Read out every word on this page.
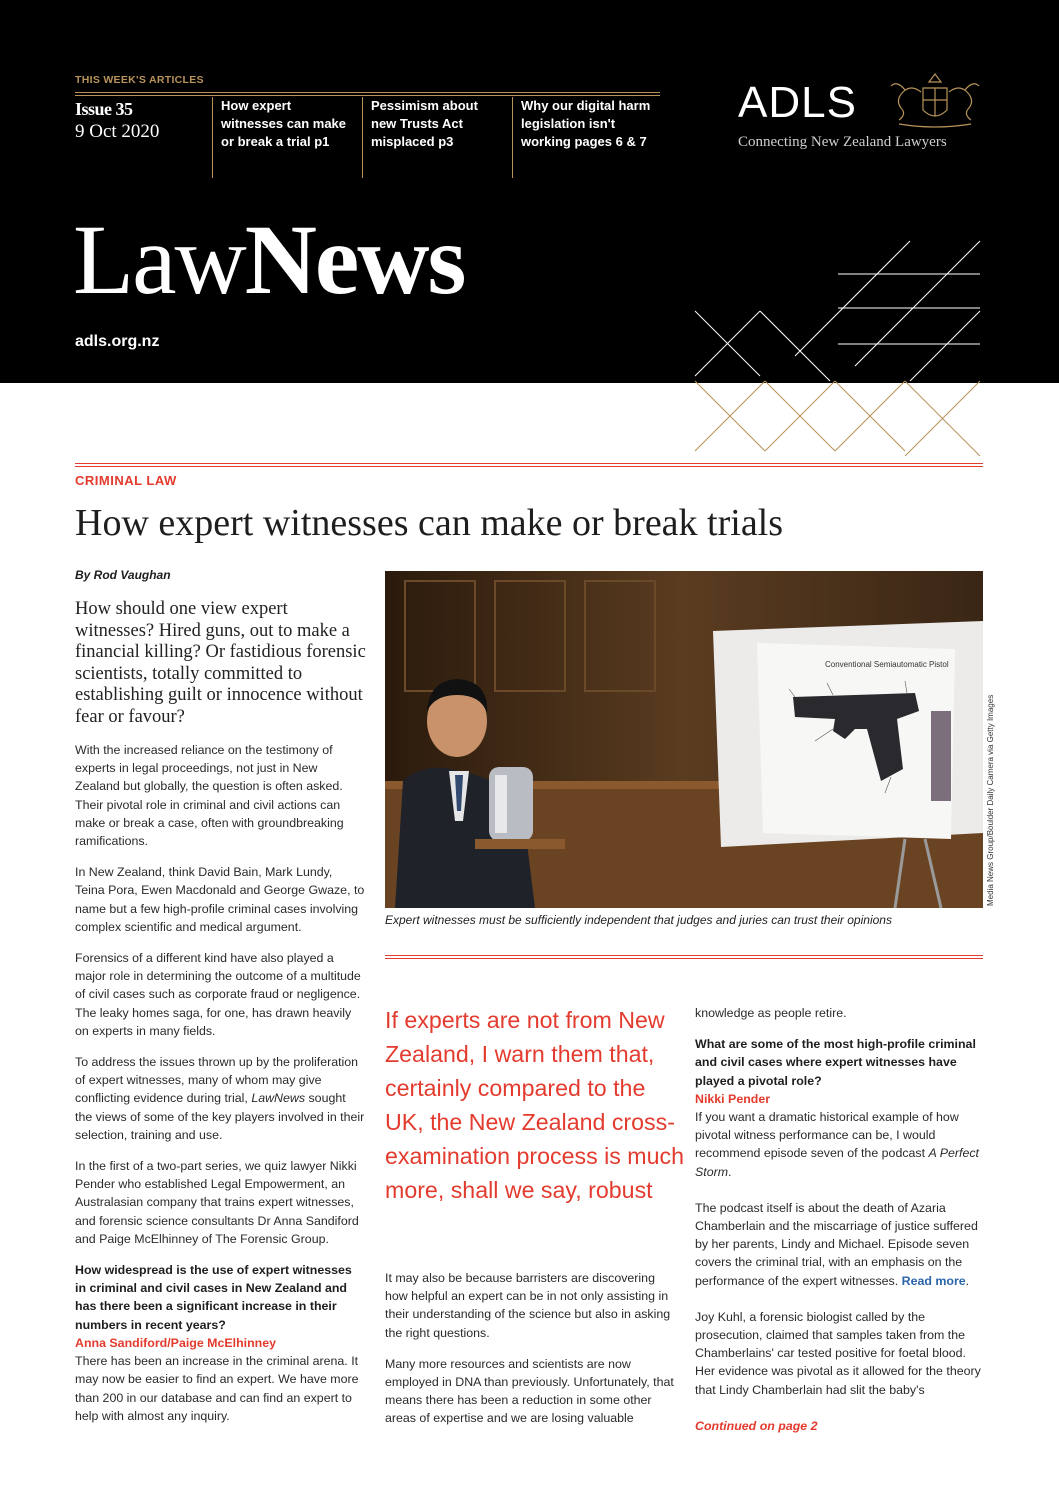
THIS WEEK'S ARTICLES
Issue 35
9 Oct 2020
How expert witnesses can make or break a trial p1
Pessimism about new Trusts Act misplaced p3
Why our digital harm legislation isn't working pages 6 & 7
ADLS
Connecting New Zealand Lawyers
LawNews
adls.org.nz
CRIMINAL LAW
How expert witnesses can make or break trials
By Rod Vaughan
How should one view expert witnesses? Hired guns, out to make a financial killing? Or fastidious forensic scientists, totally committed to establishing guilt or innocence without fear or favour?

With the increased reliance on the testimony of experts in legal proceedings, not just in New Zealand but globally, the question is often asked. Their pivotal role in criminal and civil actions can make or break a case, often with groundbreaking ramifications.

In New Zealand, think David Bain, Mark Lundy, Teina Pora, Ewen Macdonald and George Gwaze, to name but a few high-profile criminal cases involving complex scientific and medical argument.

Forensics of a different kind have also played a major role in determining the outcome of a multitude of civil cases such as corporate fraud or negligence. The leaky homes saga, for one, has drawn heavily on experts in many fields.

To address the issues thrown up by the proliferation of expert witnesses, many of whom may give conflicting evidence during trial, LawNews sought the views of some of the key players involved in their selection, training and use.

In the first of a two-part series, we quiz lawyer Nikki Pender who established Legal Empowerment, an Australasian company that trains expert witnesses, and forensic science consultants Dr Anna Sandiford and Paige McElhinney of The Forensic Group.

How widespread is the use of expert witnesses in criminal and civil cases in New Zealand and has there been a significant increase in their numbers in recent years?
Anna Sandiford/Paige McElhinney
There has been an increase in the criminal arena. It may now be easier to find an expert. We have more than 200 in our database and can find an expert to help with almost any inquiry.
Conventional Semiautomatic Pistol
Expert witnesses must be sufficiently independent that judges and juries can trust their opinions
Media News Group/Boulder Daily Camera via Getty Images
If experts are not from New Zealand, I warn them that, certainly compared to the UK, the New Zealand cross-examination process is much more, shall we say, robust

It may also be because barristers are discovering how helpful an expert can be in not only assisting in their understanding of the science but also in asking the right questions.

Many more resources and scientists are now employed in DNA than previously. Unfortunately, that means there has been a reduction in some other areas of expertise and we are losing valuable

knowledge as people retire.

What are some of the most high-profile criminal and civil cases where expert witnesses have played a pivotal role?
Nikki Pender

If you want a dramatic historical example of how pivotal witness performance can be, I would recommend episode seven of the podcast A Perfect Storm.

The podcast itself is about the death of Azaria Chamberlain and the miscarriage of justice suffered by her parents, Lindy and Michael. Episode seven covers the criminal trial, with an emphasis on the performance of the expert witnesses. Read more.

Joy Kuhl, a forensic biologist called by the prosecution, claimed that samples taken from the Chamberlains' car tested positive for foetal blood. Her evidence was pivotal as it allowed for the theory that Lindy Chamberlain had slit the baby's

Continued on page 2
